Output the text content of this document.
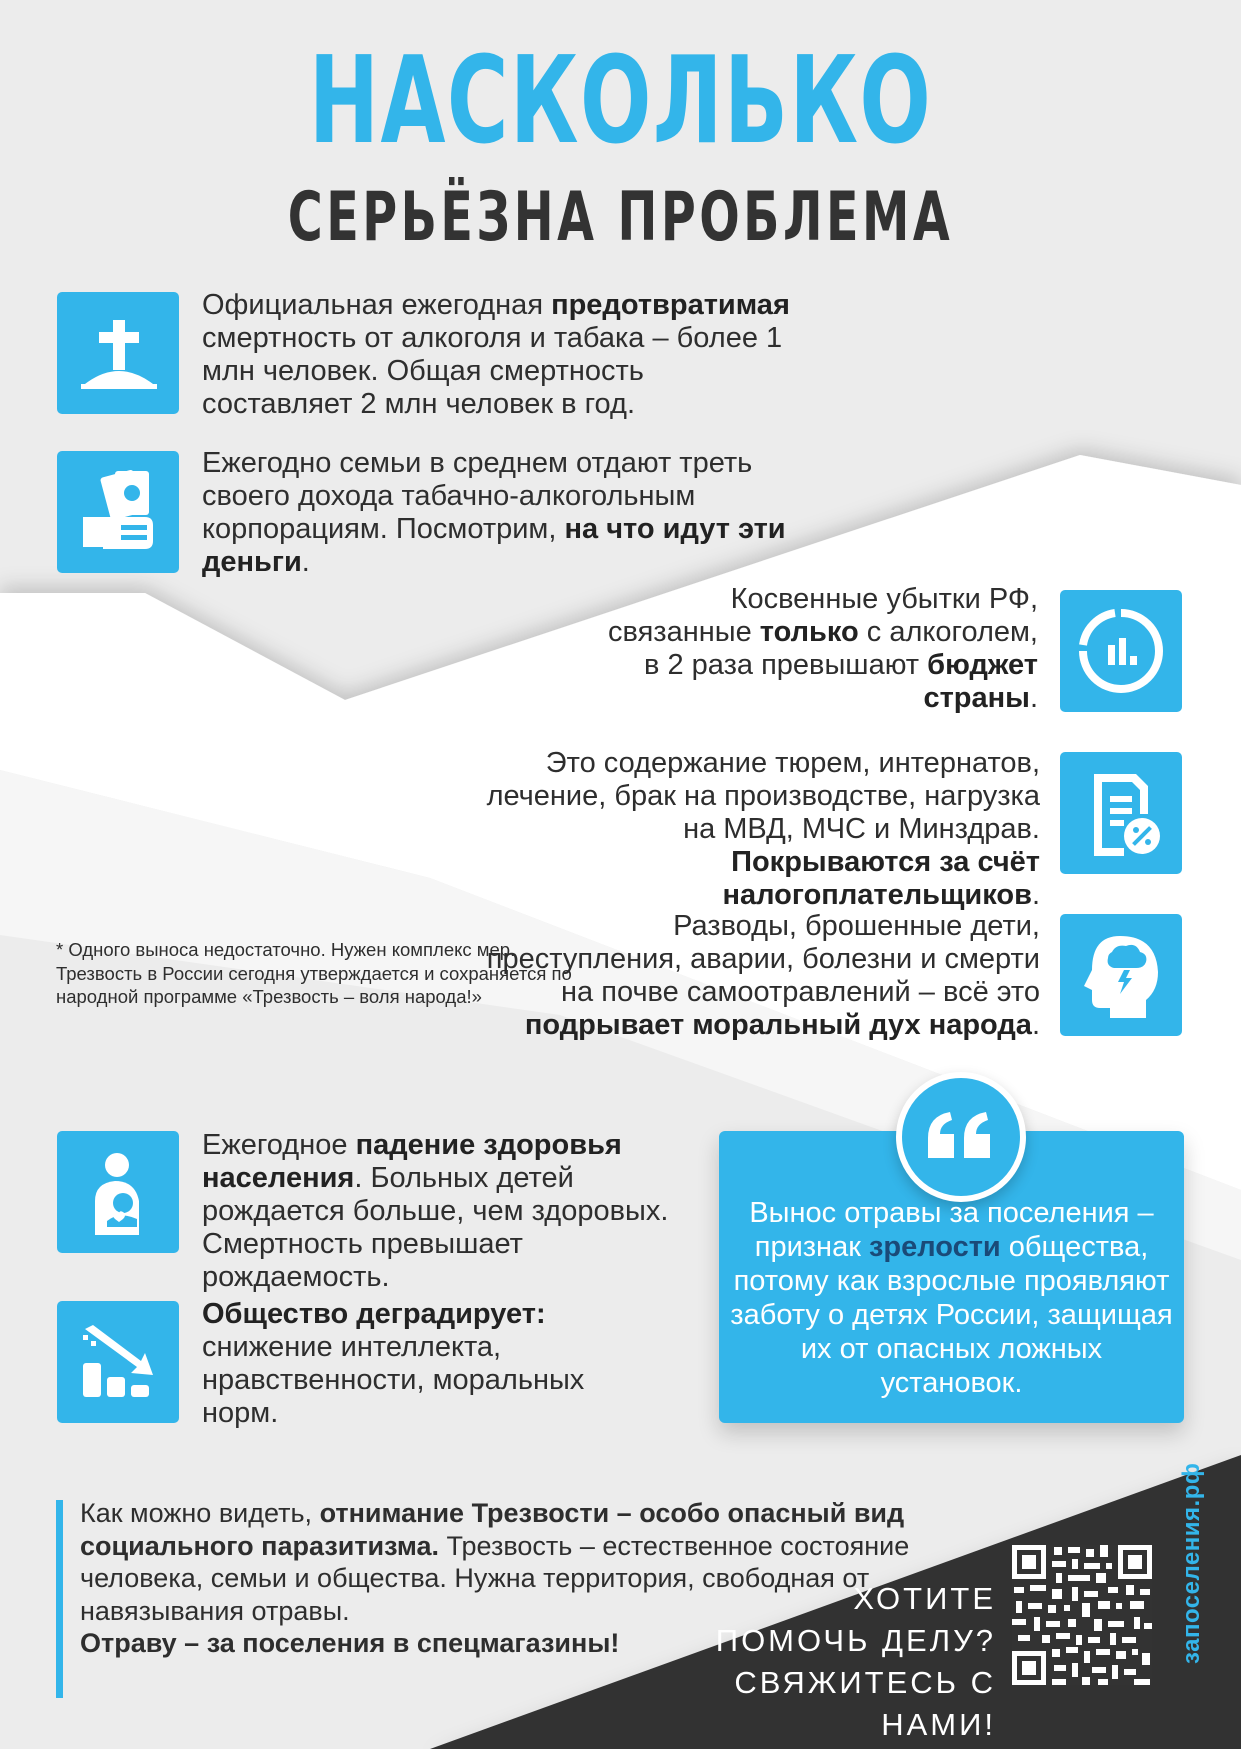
НАСКОЛЬКО
СЕРЬЁЗНА ПРОБЛЕМА
Официальная ежегодная предотвратимая смертность от алкоголя и табака – более 1 млн человек. Общая смертность составляет 2 млн человек в год.
Ежегодно семьи в среднем отдают треть своего дохода табачно-алкогольным корпорациям. Посмотрим, на что идут эти деньги.
Косвенные убытки РФ, связанные только с алкоголем, в 2 раза превышают бюджет страны.
Это содержание тюрем, интернатов, лечение, брак на производстве, нагрузка на МВД, МЧС и Минздрав. Покрываются за счёт налогоплательщиков.
Разводы, брошенные дети, преступления, аварии, болезни и смерти на почве самоотравлений – всё это подрывает моральный дух народа.
* Одного выноса недостаточно. Нужен комплекс мер. Трезвость в России сегодня утверждается и сохраняется по народной программе «Трезвость – воля народа!»
Ежегодное падение здоровья населения. Больных детей рождается больше, чем здоровых. Смертность превышает рождаемость.
Общество деградирует: снижение интеллекта, нравственности, моральных норм.
Вынос отравы за поселения – признак зрелости общества, потому как взрослые проявляют заботу о детях России, защищая их от опасных ложных установок.
Как можно видеть, отнимание Трезвости – особо опасный вид социального паразитизма. Трезвость – естественное состояние человека, семьи и общества. Нужна территория, свободная от навязывания отравы.
Отраву – за поселения в спецмагазины!
ХОТИТЕ
ПОМОЧЬ ДЕЛУ?
СВЯЖИТЕСЬ С НАМИ!
запоселения.рф
